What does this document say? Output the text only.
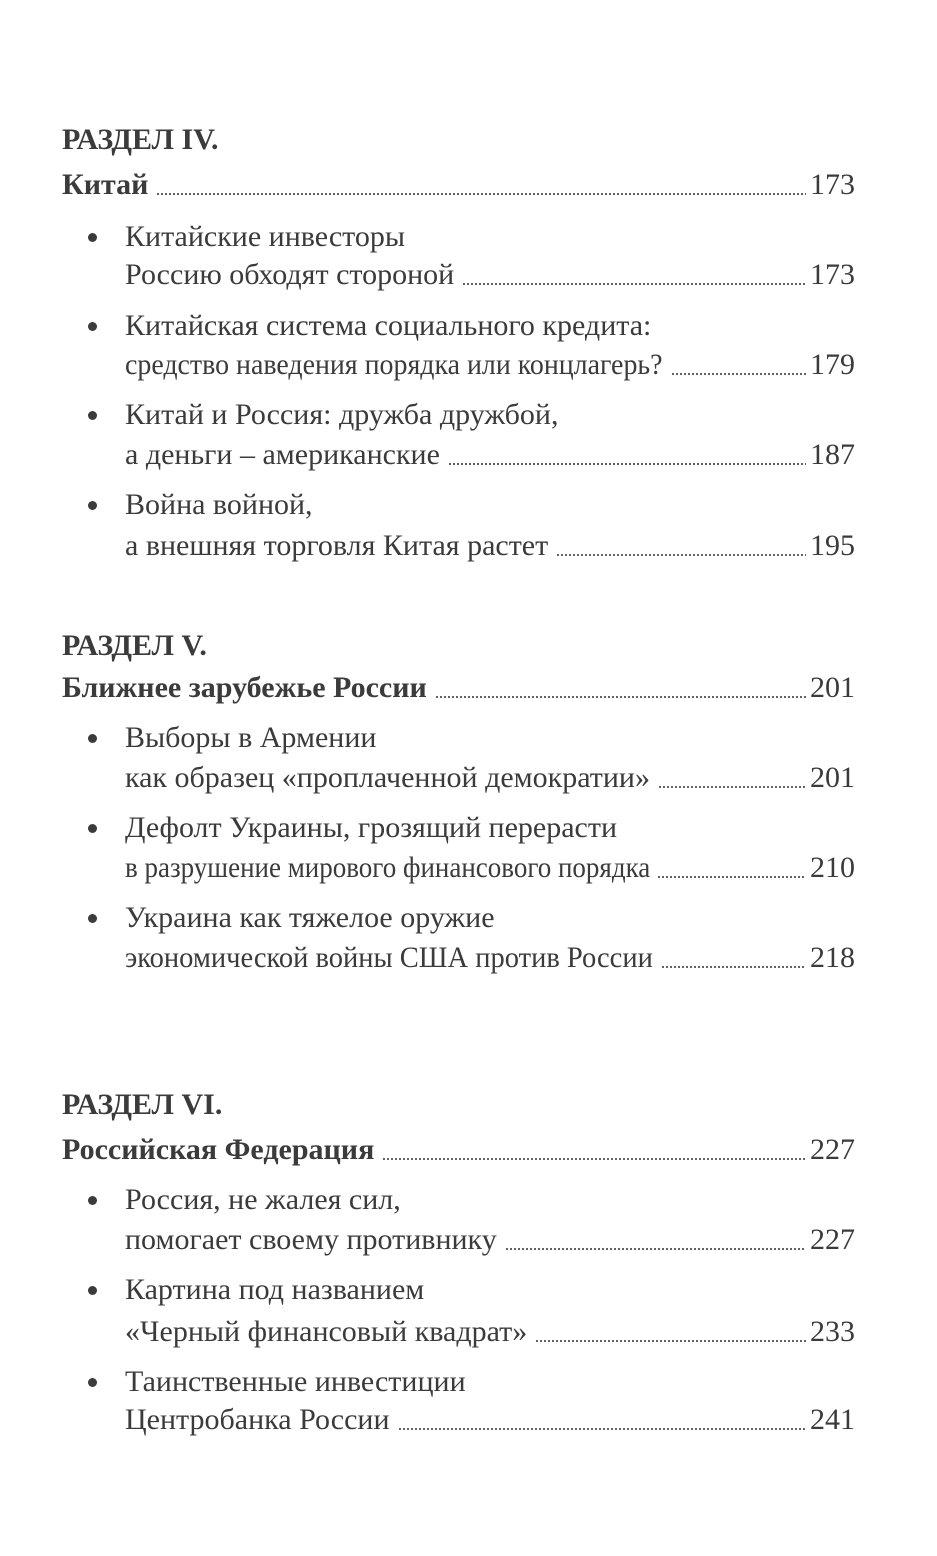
РАЗДЕЛ IV.
Китай	173
Китайские инвесторы
Россию обходят стороной	173
Китайская система социального кредита:
средство наведения порядка или концлагерь?	179
Китай и Россия: дружба дружбой,
а деньги – американские	187
Война войной,
а внешняя торговля Китая растет	195
РАЗДЕЛ V.
Ближнее зарубежье России	201
Выборы в Армении
как образец «проплаченной демократии»	201
Дефолт Украины, грозящий перерасти
в разрушение мирового финансового порядка	210
Украина как тяжелое оружие
экономической войны США против России	218
РАЗДЕЛ VI.
Российская Федерация	227
Россия, не жалея сил,
помогает своему противнику	227
Картина под названием
«Черный финансовый квадрат»	233
Таинственные инвестиции
Центробанка России	241
